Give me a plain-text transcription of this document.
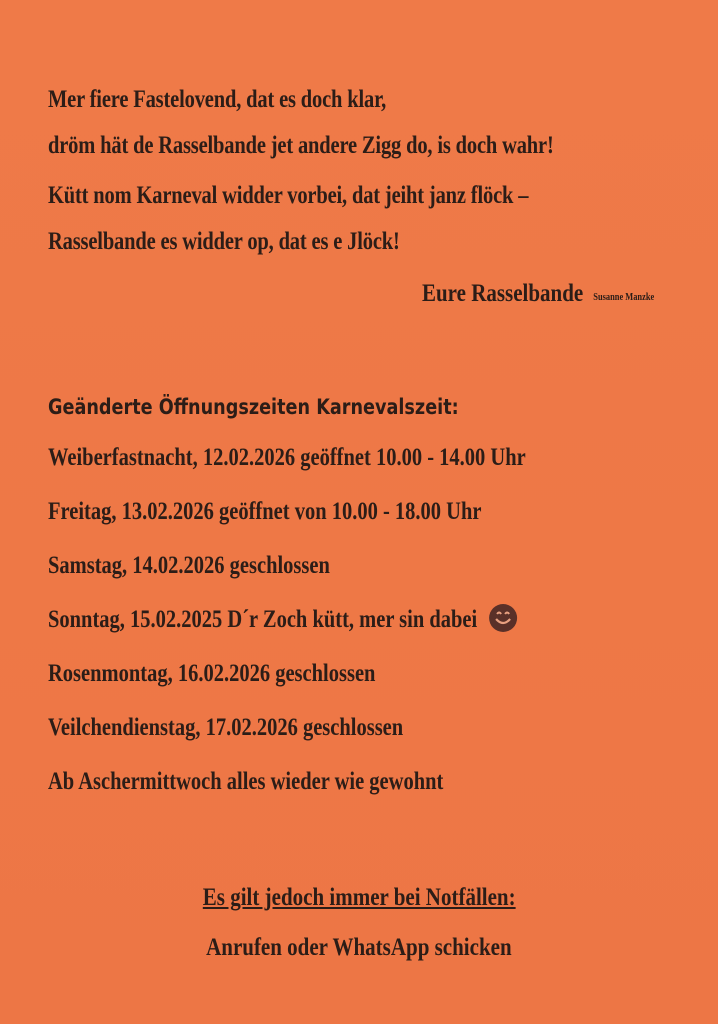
Mer fiere Fastelovend, dat es doch klar,
dröm hät de Rasselbande jet andere Zigg do, is doch wahr!
Kütt nom Karneval widder vorbei, dat jeiht janz flöck –
Rasselbande es widder op, dat es e Jlöck!
Eure Rasselbande Susanne Manzke
Geänderte Öffnungszeiten Karnevalszeit:
Weiberfastnacht, 12.02.2026 geöffnet 10.00 - 14.00 Uhr
Freitag, 13.02.2026 geöffnet von 10.00 - 18.00 Uhr
Samstag, 14.02.2026 geschlossen
Sonntag, 15.02.2025 D´r Zoch kütt, mer sin dabei
Rosenmontag, 16.02.2026 geschlossen
Veilchendienstag, 17.02.2026 geschlossen
Ab Aschermittwoch alles wieder wie gewohnt
Es gilt jedoch immer bei Notfällen:
Anrufen oder WhatsApp schicken
